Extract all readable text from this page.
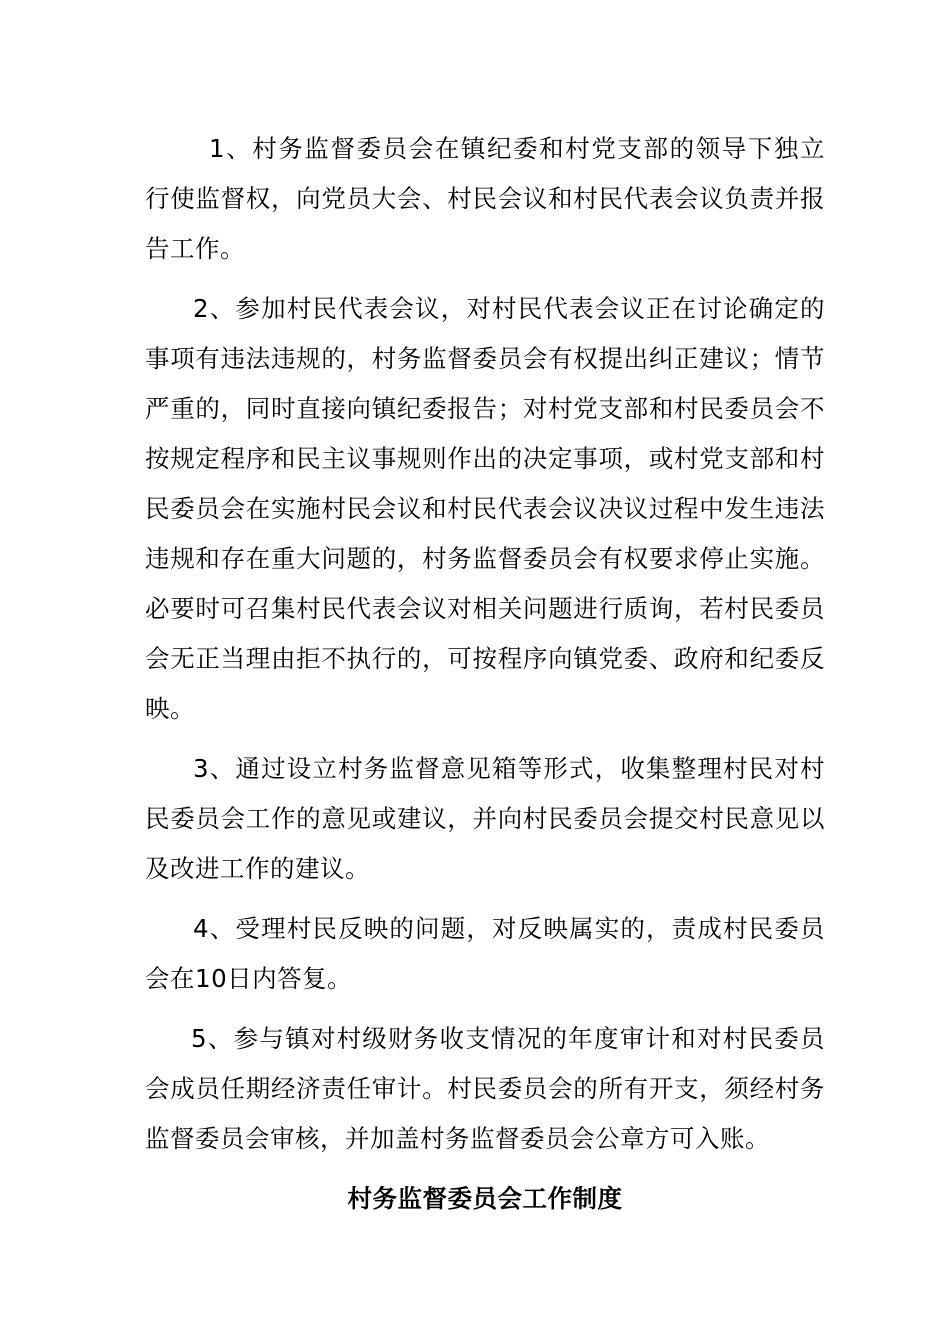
1、村务监督委员会在镇纪委和村党支部的领导下独立行使监督权，向党员大会、村民会议和村民代表会议负责并报告工作。

2、参加村民代表会议，对村民代表会议正在讨论确定的事项有违法违规的，村务监督委员会有权提出纠正建议；情节严重的，同时直接向镇纪委报告；对村党支部和村民委员会不按规定程序和民主议事规则作出的决定事项，或村党支部和村民委员会在实施村民会议和村民代表会议决议过程中发生违法违规和存在重大问题的，村务监督委员会有权要求停止实施。必要时可召集村民代表会议对相关问题进行质询，若村民委员会无正当理由拒不执行的，可按程序向镇党委、政府和纪委反映。

3、通过设立村务监督意见箱等形式，收集整理村民对村民委员会工作的意见或建议，并向村民委员会提交村民意见以及改进工作的建议。

4、受理村民反映的问题，对反映属实的，责成村民委员会在10日内答复。

5、参与镇对村级财务收支情况的年度审计和对村民委员会成员任期经济责任审计。村民委员会的所有开支，须经村务监督委员会审核，并加盖村务监督委员会公章方可入账。

村务监督委员会工作制度
